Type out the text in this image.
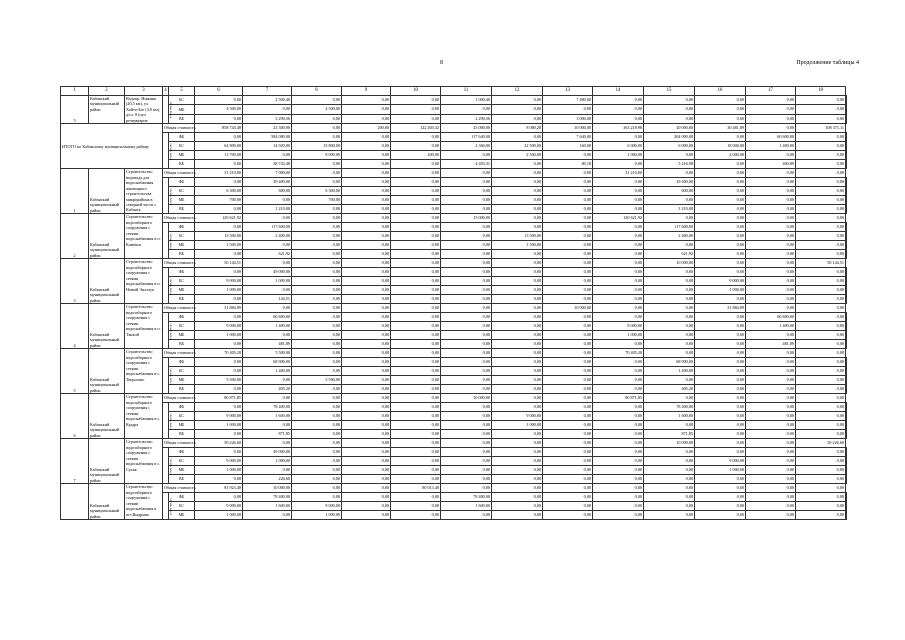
8	Продолжение таблицы 4
1	2	3	4	5	6	7	8	9	10	11	12	13	14	15	16	17	18	
5	Кабанский муниципальный район	Водопр. Нижняя (20,5 км), ул. Хойто-Бэг (3,0 км), д/гл. 8 (пул резервуаров	в том числе:	БС	0,00	2 500,40	0,00	0,00	0,00	1 000,40	0,00	7 480,00	0,00	0,00	0,00	0,00	0,00	
				МБ	4 500,00	0,00	4 500,00	0,00	0,00	0,00	0,00	0,00	0,00	0,00	0,00	0,00	0,00	
				ВБ	0,00	3 290,56	0,00	0,00	0,00	2 290,56	0,00	3 000,00	0,00	0,00	0,00	0,00	0,00	
ИТОГО по Кабанскому муниципальному району			Общая стоимость		858 743,48	23 300,00	0,00	200,00	122 403,32	25 000,00	8 080,28	10 000,00	363 218,98	20 000,00	30 481,89	0,00	108 371,11	
			в том числе:	ФБ	0,00	584 080,00	0,00	0,00	0,00	117 640,00	0,00	7 640,00	0,00	204 000,00	0,00	60 600,00	0,00	
				БС	64 800,00	14 920,00	15 800,00	0,00	0,00	2 360,00	22 500,00	160,00	6 000,00	6 000,00	18 000,00	1 400,00	0,00	
				МБ	13 700,00	0,00	8 000,00	0,00	200,00	0,00	2 500,00	0,00	1 000,00	0,00	2 000,00	0,00	0,00	
				ВБ	0,00	38 743,48	0,00	0,00	0,00	4 403,31	0,00	80,18	0,00	5 216,98	0,00	460,89	0,00	
1	Кабанский муниципальный район	Строительство водовода для водоснабжения жилищного строительства микрорайона в северной части с. Кабанск	Общая стоимость		31 210,00	7 000,00	0,00	0,00	0,00	0,00	0,00	0,00	31 210,00	0,00	0,00	0,00	0,00	
			в том числе:	ФБ	0,00	29 400,00	0,00	0,00	0,00	0,00	0,00	0,00	0,00	29 400,00	0,00	0,00	0,00	
				БС	6 300,00	600,00	6 300,00	0,00	0,00	0,00	0,00	0,00	0,00	600,00	0,00	0,00	0,00	
				МБ	700,00	0,00	700,00	0,00	0,00	0,00	0,00	0,00	0,00	0,00	0,00	0,00	0,00	
				ВБ	0,00	1 210,00	0,00	0,00	0,00	0,00	0,00	0,00	0,00	1 210,00	0,00	0,00	0,00	
2	Кабанский муниципальный район	Строительство водозаборного сооружения с сетями водоснабжения в п. Каменск	Общая стоимость		120 621,92	0,00	0,00	0,00	0,00	15 000,00	0,00	0,00	120 621,92	0,00	0,00	0,00	0,00	
			в том числе:	ФБ	0,00	117 600,00	0,00	0,00	0,00	0,00	0,00	0,00	0,00	117 600,00	0,00	0,00	0,00	
				БС	13 500,00	2 400,00	0,00	0,00	0,00	0,00	13 500,00	0,00	0,00	2 400,00	0,00	0,00	0,00	
				МБ	1 500,00	0,00	0,00	0,00	0,00	0,00	1 500,00	0,00	0,00	0,00	0,00	0,00	0,00	
				ВБ	0,00	621,92	0,00	0,00	0,00	0,00	0,00	0,00	0,00	621,92	0,00	0,00	0,00	
3	Кабанский муниципальный район	Строительство водозаборного сооружения с сетями водоснабжения в п. Новый Энхэлук	Общая стоимость		50 144,51	0,00	0,00	0,00	0,00	0,00	0,00	0,00	0,00	10 000,00	0,00	0,00	50 144,51	
			в том числе:	ФБ	0,00	49 000,00	0,00	0,00	0,00	0,00	0,00	0,00	0,00	0,00	0,00	0,00	0,00	
				БС	9 000,00	1 000,00	0,00	0,00	0,00	0,00	0,00	0,00	0,00	0,00	9 000,00	0,00	0,00	
				МБ	1 000,00	0,00	0,00	0,00	0,00	0,00	0,00	0,00	0,00	0,00	1 000,00	0,00	0,00	
				ВБ	0,00	144,51	0,00	0,00	0,00	0,00	0,00	0,00	0,00	0,00	0,00	0,00	0,00	
4	Кабанский муниципальный район	Строительство водозаборного сооружения с сетями водоснабжения в п. Танхой	Общая стоимость		31 884,89	0,00	0,00	0,00	0,00	0,00	0,00	10 000,00	0,00	0,00	31 884,89	0,00	0,00	
			в том числе:	ФБ	0,00	60 600,00	0,00	0,00	0,00	0,00	0,00	0,00	0,00	0,00	0,00	60 600,00	0,00	
				БС	9 000,00	1 400,00	0,00	0,00	0,00	0,00	0,00	0,00	9 000,00	0,00	0,00	1 400,00	0,00	
				МБ	1 000,00	0,00	0,00	0,00	0,00	0,00	0,00	0,00	1 000,00	0,00	0,00	0,00	0,00	
				ВБ	0,00	481,89	0,00	0,00	0,00	0,00	0,00	0,00	0,00	0,00	0,00	481,89	0,00	
5	Кабанский муниципальный район	Строительство водозаборного сооружения с сетями водоснабжения в с. Творогово	Общая стоимость		70 405,20	5 500,00	0,00	0,00	0,00	0,00	0,00	0,00	70 405,20	0,00	0,00	0,00	0,00	
			в том числе:	ФБ	0,00	68 900,00	0,00	0,00	0,00	0,00	0,00	0,00	0,00	68 900,00	0,00	0,00	0,00	
				БС	0,00	1 400,00	0,00	0,00	0,00	0,00	0,00	0,00	0,00	1 400,00	0,00	0,00	0,00	
				МБ	5 500,00	0,00	5 500,00	0,00	0,00	0,00	0,00	0,00	0,00	0,00	0,00	0,00	0,00	
				ВБ	0,00	405,20	0,00	0,00	0,00	0,00	0,00	0,00	0,00	405,20	0,00	0,00	0,00	
6	Кабанский муниципальный район	Строительство водозаборного сооружения с сетями водоснабжения в с. Кудара	Общая стоимость		80 871,85	0,00	0,00	0,00	0,00	10 000,00	0,00	0,00	80 871,85	0,00	0,00	0,00	0,00	
			в том числе:	ФБ	0,00	78 400,00	0,00	0,00	0,00	0,00	0,00	0,00	0,00	78 400,00	0,00	0,00	0,00	
				БС	9 000,00	1 600,00	0,00	0,00	0,00	0,00	9 000,00	0,00	0,00	1 600,00	0,00	0,00	0,00	
				МБ	1 000,00	0,00	0,00	0,00	0,00	0,00	1 000,00	0,00	0,00	0,00	0,00	0,00	0,00	
				ВБ	0,00	871,85	0,00	0,00	0,00	0,00	0,00	0,00	0,00	871,85	0,00	0,00	0,00	
7	Кабанский муниципальный район	Строительство водозаборного сооружения с сетями водоснабжения в с. Сухая	Общая стоимость		50 226,60	0,00	0,00	0,00	0,00	0,00	0,00	0,00	0,00	10 000,00	0,00	0,00	50 226,60	
			в том числе:	ФБ	0,00	49 000,00	0,00	0,00	0,00	0,00	0,00	0,00	0,00	0,00	0,00	0,00	0,00	
				БС	9 000,00	1 000,00	0,00	0,00	0,00	0,00	0,00	0,00	0,00	0,00	9 000,00	0,00	0,00	
				МБ	1 000,00	0,00	0,00	0,00	0,00	0,00	0,00	0,00	0,00	0,00	1 000,00	0,00	0,00	
				ВБ	0,00	226,60	0,00	0,00	0,00	0,00	0,00	0,00	0,00	0,00	0,00	0,00	0,00	
	Кабанский муниципальный район	Строительство водозаборного сооружения с сетями водоснабжения в пгт.Выдрино	Общая стоимость		81 923,40	10 000,00	0,00	0,00	80 013,40	0,00	0,00	0,00	0,00	0,00	0,00	0,00	0,00	
			в том числе:	ФБ	0,00	78 400,00	0,00	0,00	0,00	78 400,00	0,00	0,00	0,00	0,00	0,00	0,00	0,00	
				БС	9 000,00	1 600,00	9 000,00	0,00	0,00	1 600,00	0,00	0,00	0,00	0,00	0,00	0,00	0,00	
				МБ	1 000,00	0,00	1 000,00	0,00	0,00	0,00	0,00	0,00	0,00	0,00	0,00	0,00	0,00	
